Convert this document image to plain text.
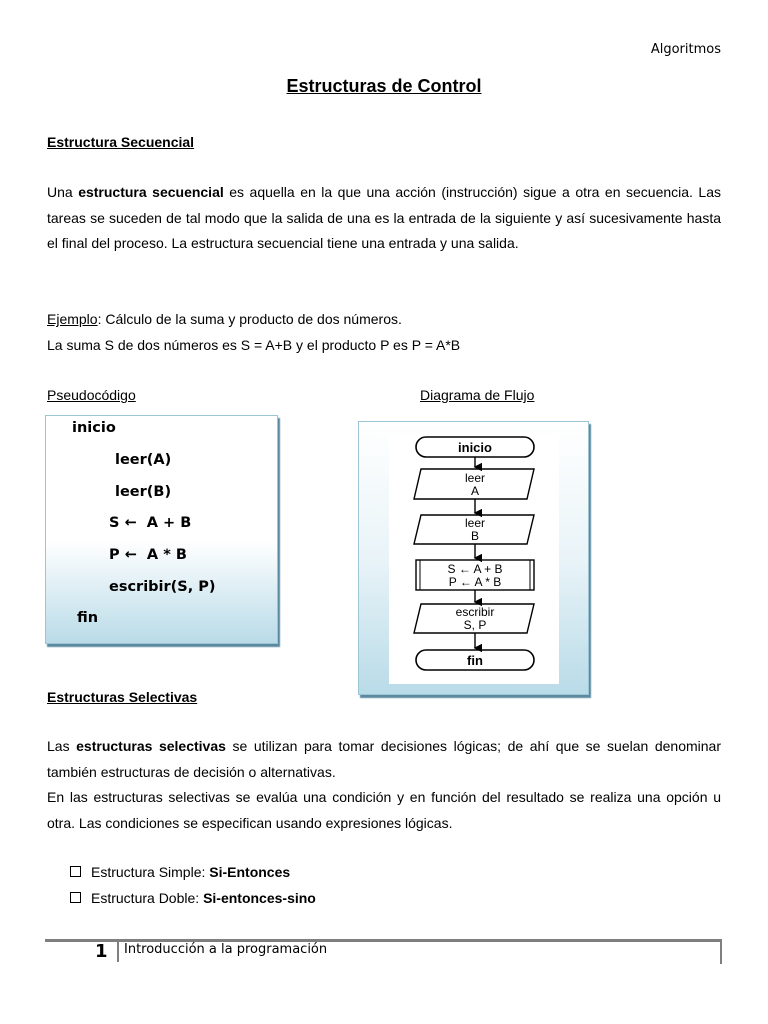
Algoritmos
Estructuras de Control
Estructura Secuencial
Una estructura secuencial es aquella en la que una acción (instrucción) sigue a otra en secuencia. Las tareas se suceden de tal modo que la salida de una es la entrada de la siguiente y así sucesivamente hasta el final del proceso. La estructura secuencial tiene una entrada y una salida.
Ejemplo: Cálculo de la suma y producto de dos números.
La suma S de dos números es S = A+B y el producto P es P = A*B
Pseudocódigo	Diagrama de Flujo
inicio
leer(A)
leer(B)
S ←  A + B
P ←  A * B
escribir(S, P)
fin
inicio
leer
A
leer
B
S ← A + B
P ← A * B
escribir
S, P
fin
Estructuras Selectivas
Las estructuras selectivas se utilizan para tomar decisiones lógicas; de ahí que se suelan denominar también estructuras de decisión o alternativas.
En las estructuras selectivas se evalúa una condición y en función del resultado se realiza una opción u otra. Las condiciones se especifican usando expresiones lógicas.
Estructura Simple: Si-Entonces
Estructura Doble: Si-entonces-sino
1 Introducción a la programación
